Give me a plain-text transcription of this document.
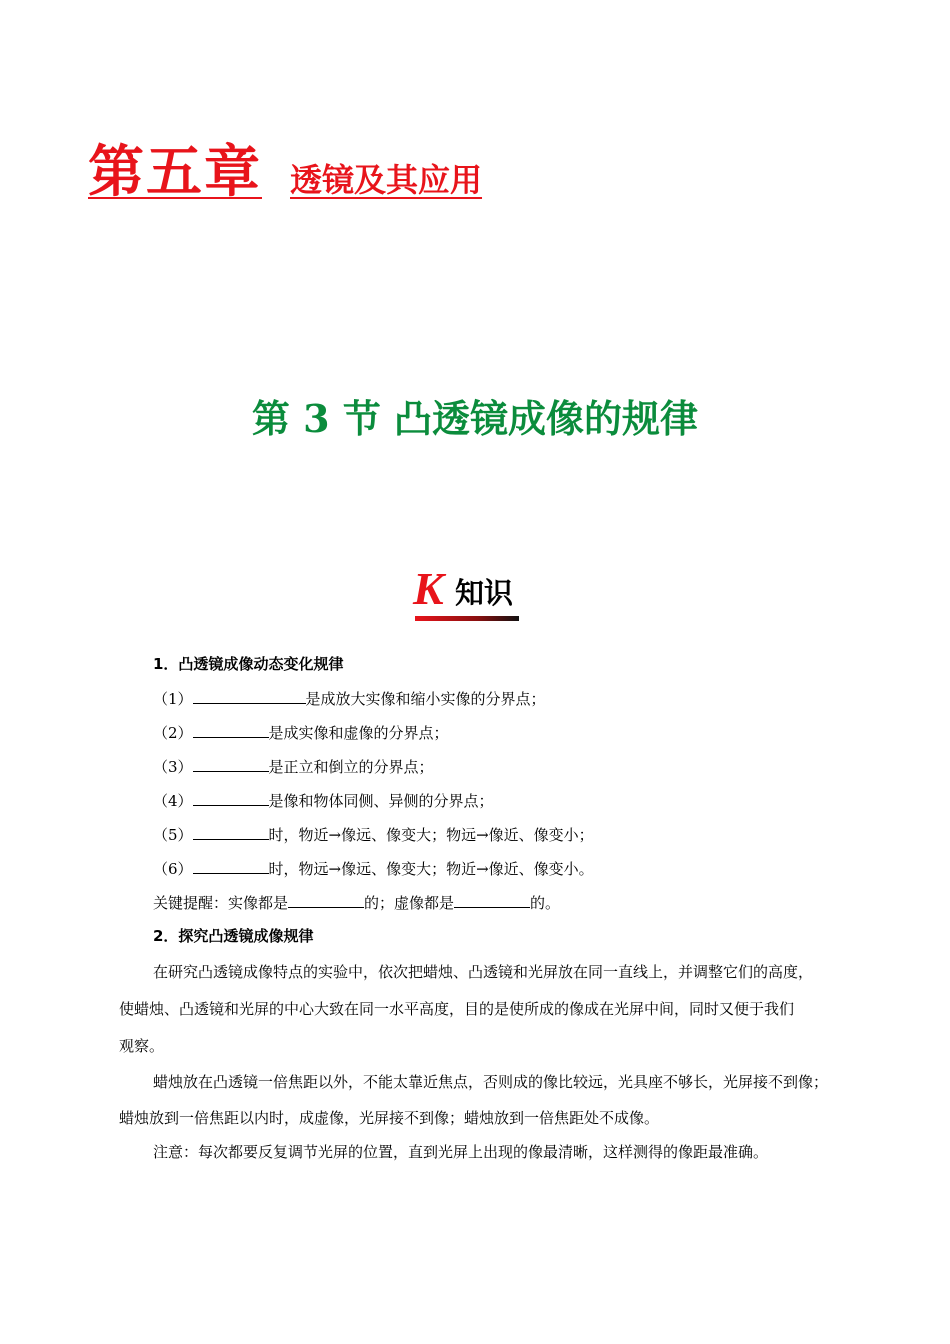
第五章 透镜及其应用
第 3 节 凸透镜成像的规律
K 知识
1．凸透镜成像动态变化规律
（1）	是成放大实像和缩小实像的分界点；
（2）	是成实像和虚像的分界点；
（3）	是正立和倒立的分界点；
（4）	是像和物体同侧、异侧的分界点；
（5）	时，物近→像远、像变大；物远→像近、像变小；
（6）	时，物远→像远、像变大；物近→像近、像变小。
关键提醒：实像都是	的；虚像都是	的。
2．探究凸透镜成像规律
在研究凸透镜成像特点的实验中，依次把蜡烛、凸透镜和光屏放在同一直线上，并调整它们的高度，
使蜡烛、凸透镜和光屏的中心大致在同一水平高度，目的是使所成的像成在光屏中间，同时又便于我们
观察。
蜡烛放在凸透镜一倍焦距以外，不能太靠近焦点，否则成的像比较远，光具座不够长，光屏接不到像；
蜡烛放到一倍焦距以内时，成虚像，光屏接不到像；蜡烛放到一倍焦距处不成像。
注意：每次都要反复调节光屏的位置，直到光屏上出现的像最清晰，这样测得的像距最准确。
